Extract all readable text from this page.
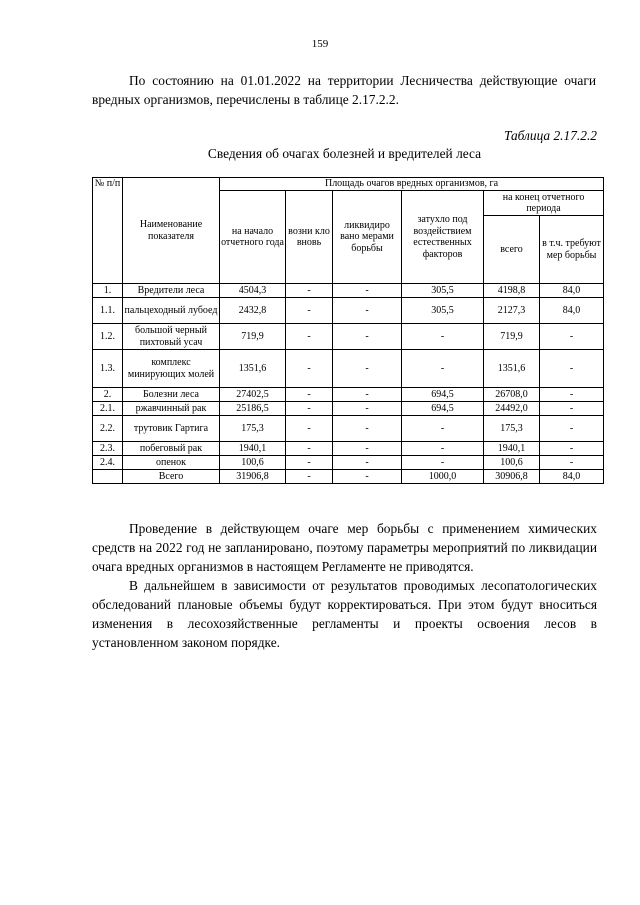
159

По состоянию на 01.01.2022 на территории Лесничества действующие очаги вредных организмов, перечислены в таблице 2.17.2.2.

Таблица 2.17.2.2
Сведения об очагах болезней и вредителей леса
№ п/п	Наименование показателя	Площадь очагов вредных организмов, га					
		на начало отчетного года	возни кло вновь	ликвидиро вано мерами борьбы	затухло под воздействием естественных факторов	на конец отчетного периода	
						всего	в т.ч. требуют мер борьбы
1.	Вредители леса	4504,3	-	-	305,5	4198,8	84,0
1.1.	пальцеходный лубоед	2432,8	-	-	305,5	2127,3	84,0
1.2.	большой черный пихтовый усач	719,9	-	-	-	719,9	-
1.3.	комплекс минирующих молей	1351,6	-	-	-	1351,6	-
2.	Болезни леса	27402,5	-	-	694,5	26708,0	-
2.1.	ржавчинный рак	25186,5	-	-	694,5	24492,0	-
2.2.	трутовик Гартига	175,3	-	-	-	175,3	-
2.3.	побеговый рак	1940,1	-	-	-	1940,1	-
2.4.	опенок	100,6	-	-	-	100,6	-
	Всего	31906,8	-	-	1000,0	30906,8	84,0

Проведение в действующем очаге мер борьбы с применением химических средств на 2022 год не запланировано, поэтому параметры мероприятий по ликвидации очага вредных организмов в настоящем Регламенте не приводятся.

В дальнейшем в зависимости от результатов проводимых лесопатологических обследований плановые объемы будут корректироваться. При этом будут вноситься изменения в лесохозяйственные регламенты и проекты освоения лесов в установленном законом порядке.
